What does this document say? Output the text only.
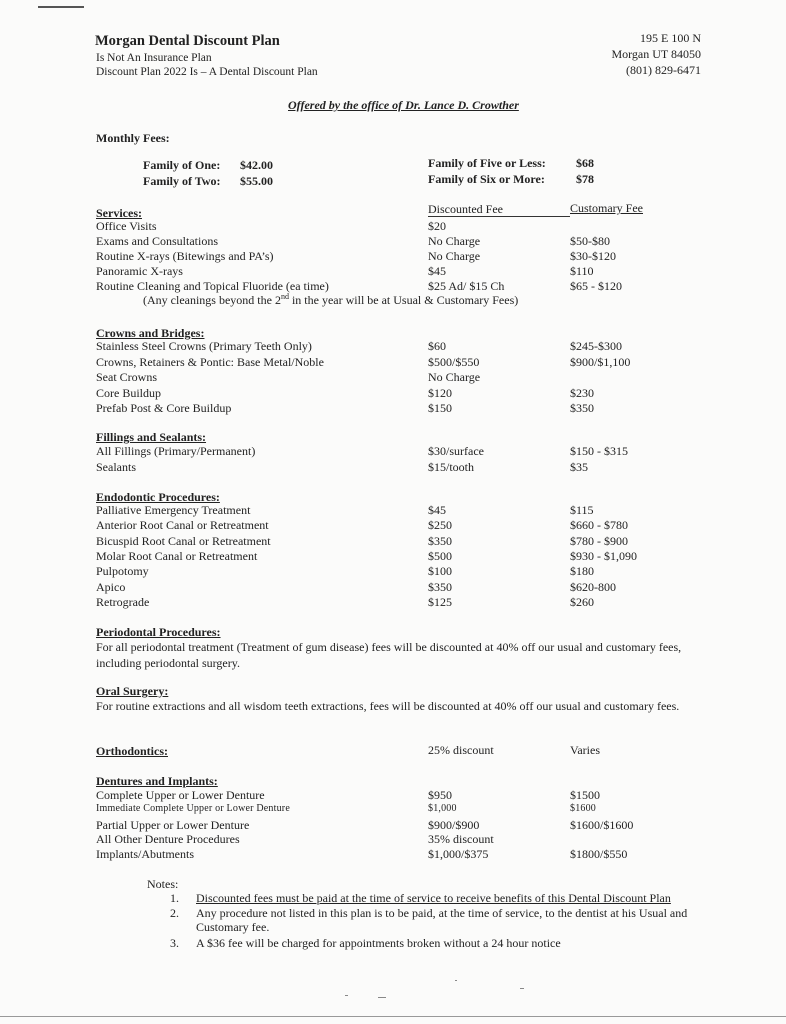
Morgan Dental Discount Plan
Is Not An Insurance Plan
Discount Plan 2022 Is – A Dental Discount Plan
195 E 100 N
Morgan UT 84050
(801) 829-6471
Offered by the office of Dr. Lance D. Crowther
Monthly Fees:
Family of One: $42.00
Family of Two: $55.00
Family of Five or Less:	$68
Family of Six or More:	$78
Discounted Fee	Customary Fee
Services:
Office Visits	$20
Exams and Consultations	No Charge	$50-$80
Routine X-rays (Bitewings and PA’s)	No Charge	$30-$120
Panoramic X-rays	$45	$110
Routine Cleaning and Topical Fluoride (ea time)	$25 Ad/ $15 Ch	$65 - $120
(Any cleanings beyond the 2nd in the year will be at Usual & Customary Fees)
Crowns and Bridges:
Stainless Steel Crowns (Primary Teeth Only)	$60	$245-$300
Crowns, Retainers & Pontic: Base Metal/Noble	$500/$550	$900/$1,100
Seat Crowns	No Charge
Core Buildup	$120	$230
Prefab Post & Core Buildup	$150	$350
Fillings and Sealants:
All Fillings (Primary/Permanent)	$30/surface	$150 - $315
Sealants	$15/tooth	$35
Endodontic Procedures:
Palliative Emergency Treatment	$45	$115
Anterior Root Canal or Retreatment	$250	$660 - $780
Bicuspid Root Canal or Retreatment	$350	$780 - $900
Molar Root Canal or Retreatment	$500	$930 - $1,090
Pulpotomy	$100	$180
Apico	$350	$620-800
Retrograde	$125	$260
Periodontal Procedures:
For all periodontal treatment (Treatment of gum disease) fees will be discounted at 40% off our usual and customary fees, including periodontal surgery.
Oral Surgery:
For routine extractions and all wisdom teeth extractions, fees will be discounted at 40% off our usual and customary fees.
Orthodontics:	25% discount	Varies
Dentures and Implants:
Complete Upper or Lower Denture	$950	$1500
Immediate Complete Upper or Lower Denture	$1,000	$1600
Partial Upper or Lower Denture	$900/$900	$1600/$1600
All Other Denture Procedures	35% discount
Implants/Abutments	$1,000/$375	$1800/$550
Notes:
1. Discounted fees must be paid at the time of service to receive benefits of this Dental Discount Plan
2. Any procedure not listed in this plan is to be paid, at the time of service, to the dentist at his Usual and
Customary fee.
3. A $36 fee will be charged for appointments broken without a 24 hour notice
